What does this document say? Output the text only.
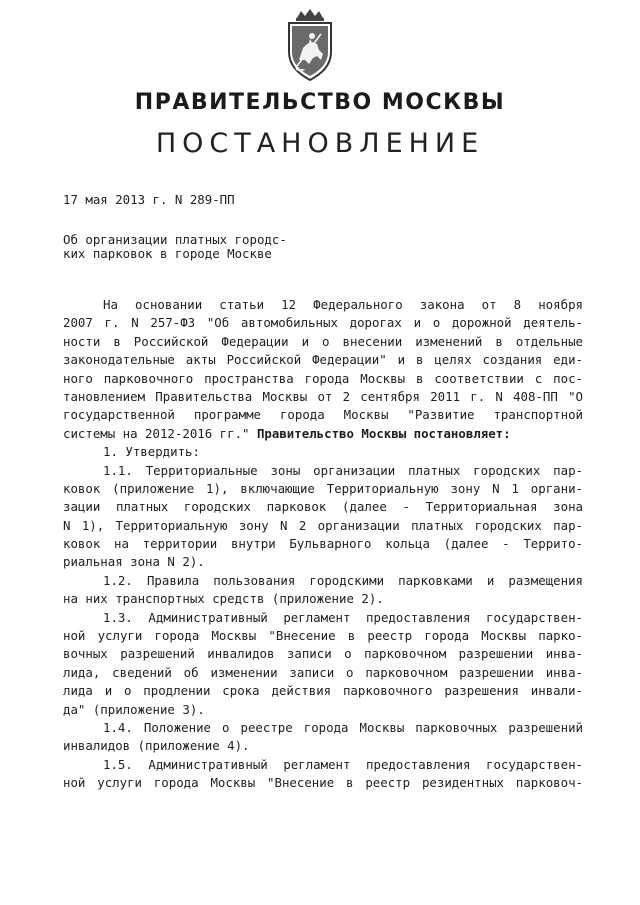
ПРАВИТЕЛЬСТВО МОСКВЫ
ПОСТАНОВЛЕНИЕ
17 мая 2013 г. N 289-ПП
Об организации платных городс-
ких парковок в городе Москве
На основании статьи 12 Федерального закона от 8 ноября
2007 г. N 257-ФЗ "Об автомобильных дорогах и о дорожной деятель-
ности в Российской Федерации и о внесении изменений в отдельные
законодательные акты Российской Федерации" и в целях создания еди-
ного парковочного пространства города Москвы в соответствии с пос-
тановлением Правительства Москвы от 2 сентября 2011 г. N 408-ПП "О
государственной программе города Москвы "Развитие транспортной
системы на 2012-2016 гг." Правительство Москвы постановляет:
1. Утвердить:
1.1. Территориальные зоны организации платных городских пар-
ковок (приложение 1), включающие Территориальную зону N 1 органи-
зации платных городских парковок (далее - Территориальная зона
N 1), Территориальную зону N 2 организации платных городских пар-
ковок на территории внутри Бульварного кольца (далее - Террито-
риальная зона N 2).
1.2. Правила пользования городскими парковками и размещения
на них транспортных средств (приложение 2).
1.3. Административный регламент предоставления государствен-
ной услуги города Москвы "Внесение в реестр города Москвы парко-
вочных разрешений инвалидов записи о парковочном разрешении инва-
лида, сведений об изменении записи о парковочном разрешении инва-
лида и о продлении срока действия парковочного разрешения инвали-
да" (приложение 3).
1.4. Положение о реестре города Москвы парковочных разрешений
инвалидов (приложение 4).
1.5. Административный регламент предоставления государствен-
ной услуги города Москвы "Внесение в реестр резидентных парковоч-
